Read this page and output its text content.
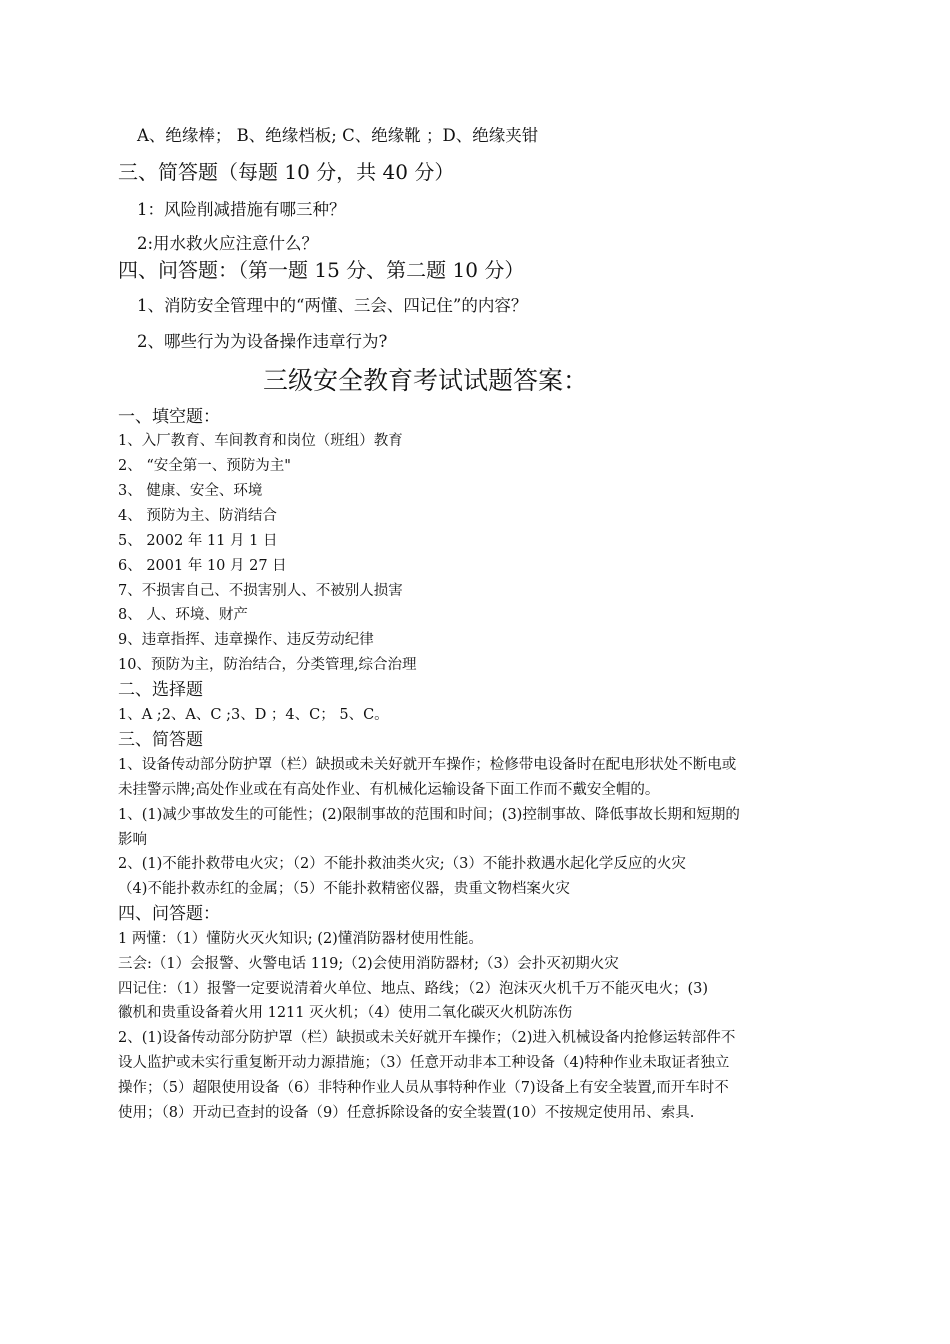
A、绝缘棒； B、绝缘档板; C、绝缘靴 ；D、绝缘夹钳
三、简答题（每题 10 分，共 40 分）
1：风险削减措施有哪三种？
2:用水救火应注意什么？
四、问答题：（第一题 15 分、第二题 10 分）
1、消防安全管理中的“两懂、三会、四记住”的内容？
2、哪些行为为设备操作违章行为?
三级安全教育考试试题答案：
一、填空题：
1、入厂教育、车间教育和岗位（班组）教育
2、 “安全第一、预防为主"
3、 健康、安全、环境
4、 预防为主、防消结合
5、 2002 年 11 月 1 日
6、 2001 年 10 月 27 日
7、不损害自己、不损害别人、不被别人损害
8、 人、环境、财产
9、违章指挥、违章操作、违反劳动纪律
10、预防为主，防治结合，分类管理,综合治理
二、选择题
1、A ;2、A、C ;3、D ；4、C； 5、C。
三、简答题
1、设备传动部分防护罩（栏）缺损或未关好就开车操作；检修带电设备时在配电形状处不断电或
未挂警示牌;高处作业或在有高处作业、有机械化运输设备下面工作而不戴安全帽的。
1、(1)减少事故发生的可能性；(2)限制事故的范围和时间；(3)控制事故、降低事故长期和短期的
影响
2、(1)不能扑救带电火灾；（2）不能扑救油类火灾;（3）不能扑救遇水起化学反应的火灾
（4)不能扑救赤红的金属；（5）不能扑救精密仪器，贵重文物档案火灾
四、问答题：
1 两懂：（1）懂防火灭火知识; (2)懂消防器材使用性能。
三会:（1）会报警、火警电话 119;（2)会使用消防器材;（3）会扑灭初期火灾
四记住：（1）报警一定要说清着火单位、地点、路线；（2）泡沫灭火机千万不能灭电火；(3)
徽机和贵重设备着火用 1211 灭火机；（4）使用二氧化碳灭火机防冻伤
2、(1)设备传动部分防护罩（栏）缺损或未关好就开车操作；（2)进入机械设备内抢修运转部件不
设人监护或未实行重复断开动力源措施；（3）任意开动非本工种设备（4)特种作业未取证者独立
操作；（5）超限使用设备（6）非特种作业人员从事特种作业（7)设备上有安全装置,而开车时不
使用；（8）开动已查封的设备（9）任意拆除设备的安全装置(10）不按规定使用吊、索具.
